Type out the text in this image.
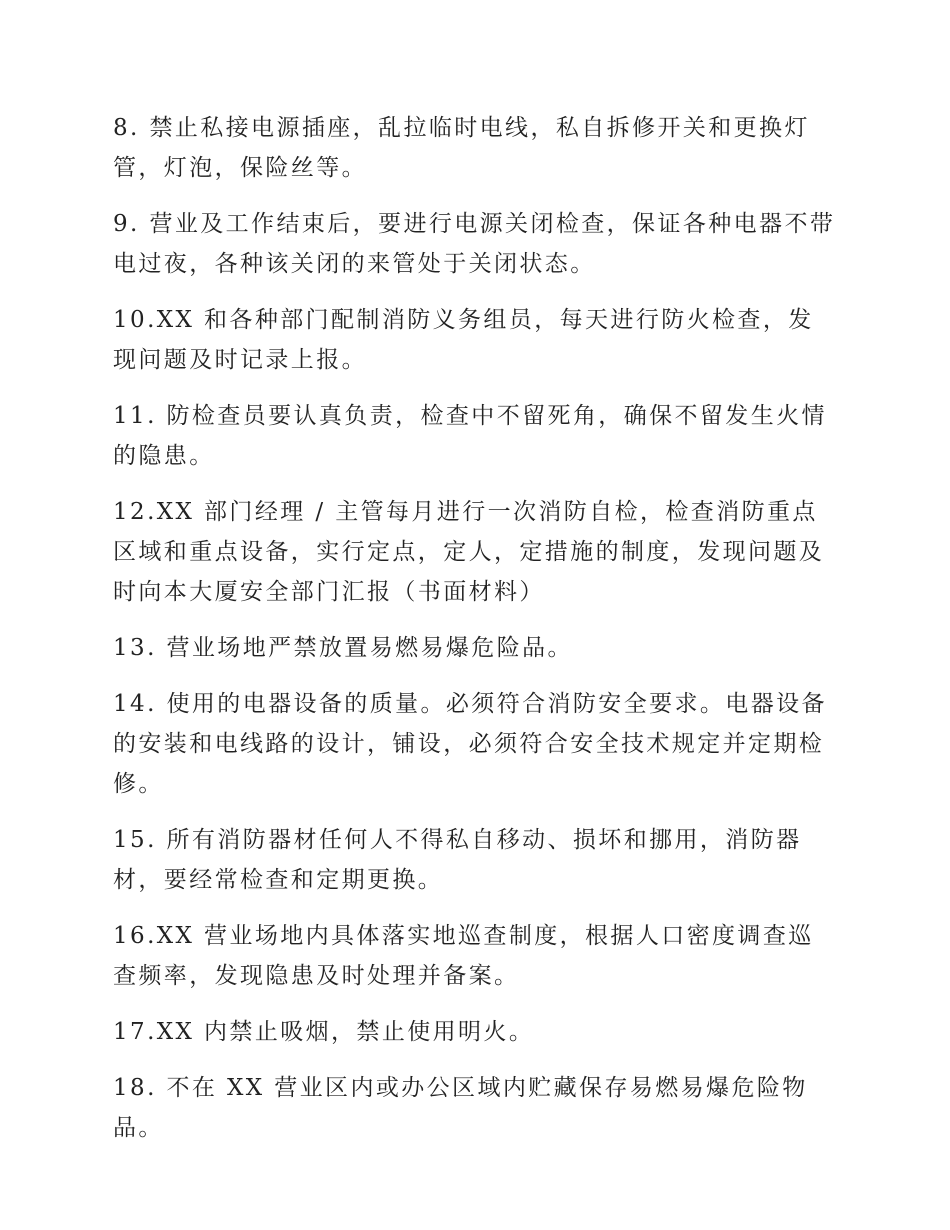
8. 禁止私接电源插座，乱拉临时电线，私自拆修开关和更换灯管，灯泡，保险丝等。

9. 营业及工作结束后，要进行电源关闭检查，保证各种电器不带电过夜，各种该关闭的来管处于关闭状态。

10.XX 和各种部门配制消防义务组员，每天进行防火检查，发现问题及时记录上报。

11. 防检查员要认真负责，检查中不留死角，确保不留发生火情的隐患。

12.XX 部门经理 / 主管每月进行一次消防自检，检查消防重点区域和重点设备，实行定点，定人，定措施的制度，发现问题及时向本大厦安全部门汇报（书面材料）

13. 营业场地严禁放置易燃易爆危险品。

14. 使用的电器设备的质量。必须符合消防安全要求。电器设备的安装和电线路的设计，铺设，必须符合安全技术规定并定期检修。

15. 所有消防器材任何人不得私自移动、损坏和挪用，消防器材，要经常检查和定期更换。

16.XX 营业场地内具体落实地巡查制度，根据人口密度调查巡查频率，发现隐患及时处理并备案。

17.XX 内禁止吸烟，禁止使用明火。

18. 不在 XX 营业区内或办公区域内贮藏保存易燃易爆危险物品。
